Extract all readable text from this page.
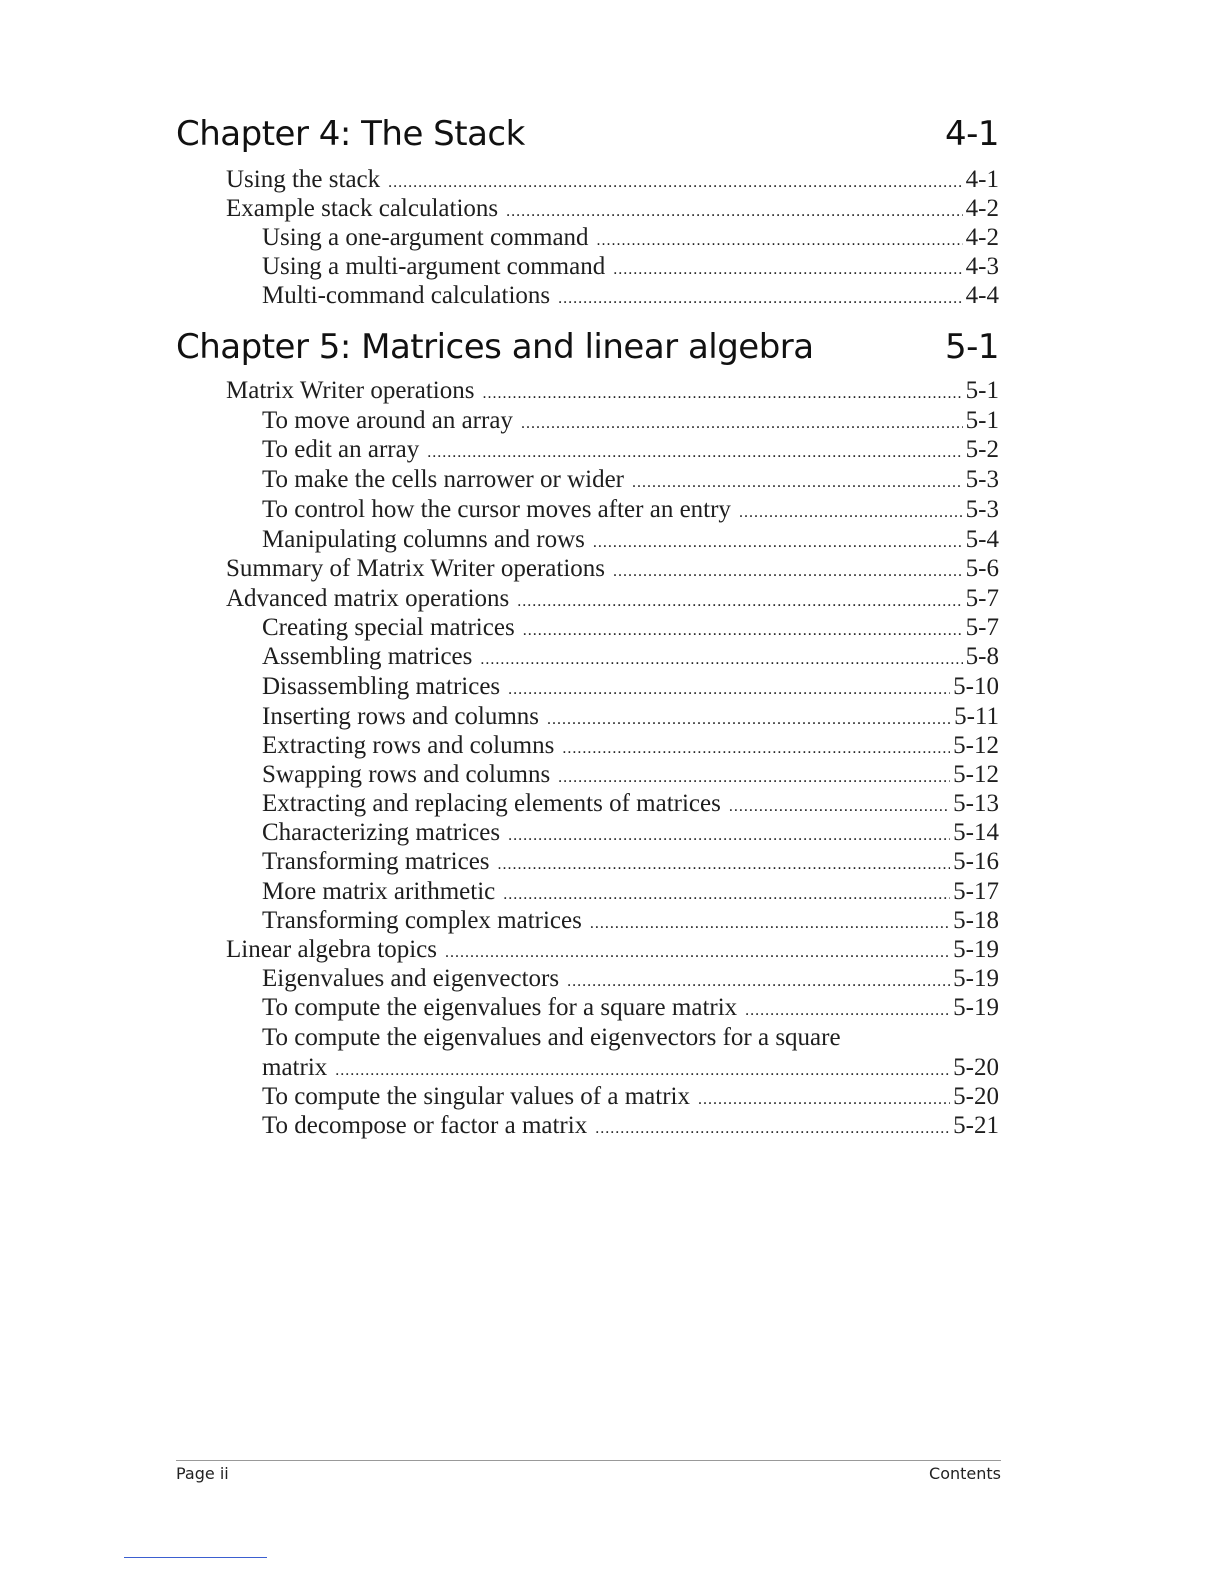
Chapter 4: The Stack	4-1
Using the stack .....	4-1
Example stack calculations .....	4-2
Using a one-argument command .....	4-2
Using a multi-argument command .....	4-3
Multi-command calculations .....	4-4
Chapter 5: Matrices and linear algebra	5-1
Matrix Writer operations .....	5-1
To move around an array .....	5-1
To edit an array .....	5-2
To make the cells narrower or wider .....	5-3
To control how the cursor moves after an entry .....	5-3
Manipulating columns and rows .....	5-4
Summary of Matrix Writer operations .....	5-6
Advanced matrix operations .....	5-7
Creating special matrices .....	5-7
Assembling matrices .....	5-8
Disassembling matrices .....	5-10
Inserting rows and columns .....	5-11
Extracting rows and columns .....	5-12
Swapping rows and columns .....	5-12
Extracting and replacing elements of matrices .....	5-13
Characterizing matrices .....	5-14
Transforming matrices .....	5-16
More matrix arithmetic .....	5-17
Transforming complex matrices .....	5-18
Linear algebra topics .....	5-19
Eigenvalues and eigenvectors .....	5-19
To compute the eigenvalues for a square matrix .....	5-19
To compute the eigenvalues and eigenvectors for a square
matrix .....	5-20
To compute the singular values of a matrix .....	5-20
To decompose or factor a matrix .....	5-21
Page ii	Contents
